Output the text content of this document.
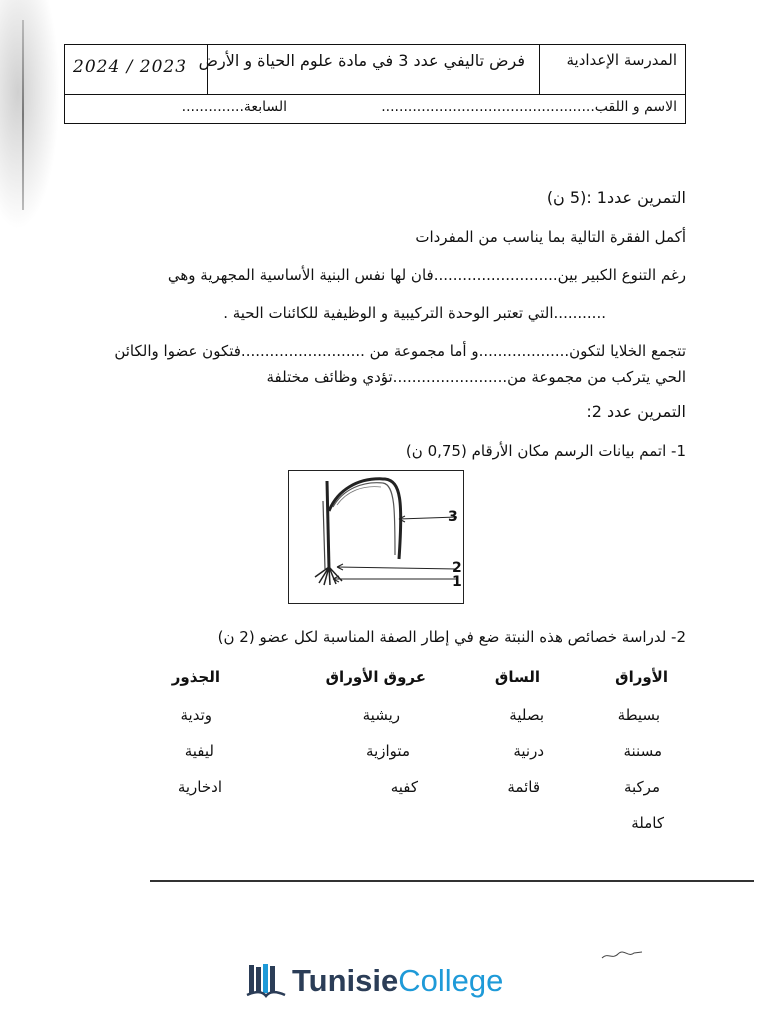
المدرسة الإعدادية
فرض تاليفي عدد 3 في مادة علوم الحياة و الأرض
2024 / 2023
الاسم و اللقب................................................
السابعة..............
التمرين عدد1 :(5 ن)
أكمل الفقرة التالية بما يناسب من المفردات
رغم التنوع الكبير بين..........................فان لها نفس البنية الأساسية المجهرية وهي
...........التي تعتبر الوحدة التركيبية و الوظيفية للكائنات الحية .
تتجمع الخلايا لتكون...................و أما مجموعة من ..........................فتكون عضوا والكائن
الحي يتركب من مجموعة من........................تؤدي وظائف مختلفة
التمرين عدد 2:
1- اتمم بيانات الرسم مكان الأرقام (0,75 ن)
3
2
1
2- لدراسة خصائص هذه النبتة ضع في إطار الصفة المناسبة لكل عضو (2 ن)
الأوراق
بسيطة
مسننة
مركبة
كاملة
الساق
بصلية
درنية
قائمة
عروق الأوراق
ريشية
متوازية
كفيه
الجذور
وتدية
ليفية
ادخارية
TunisieCollege
